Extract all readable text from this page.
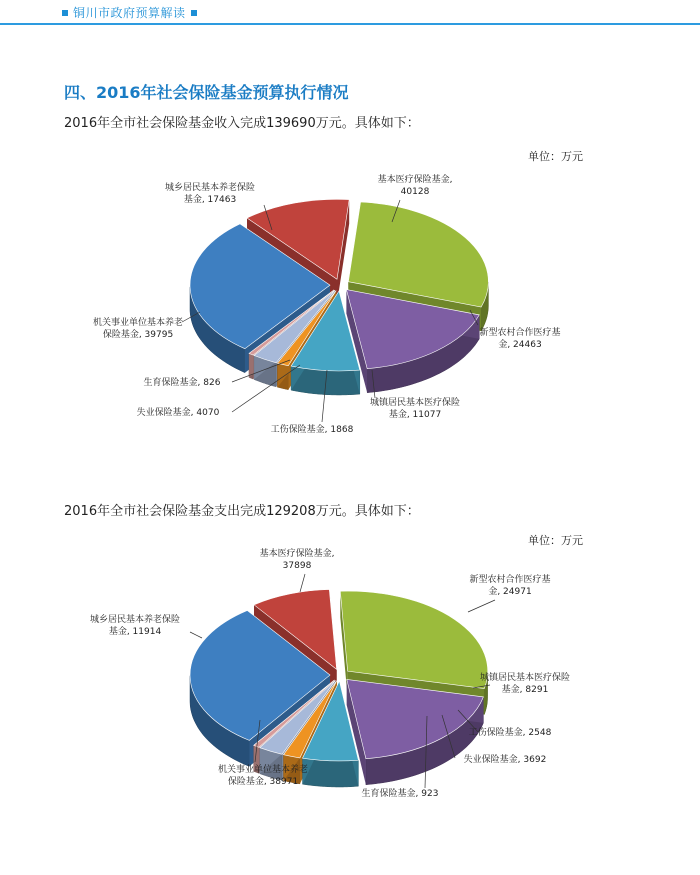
铜川市政府预算解读
四、2016年社会保险基金预算执行情况
2016年全市社会保险基金收入完成139690万元。具体如下：
单位：万元
基本医疗保险基金, 40128
新型农村合作医疗基金, 24463
城镇居民基本医疗保险基金, 11077
工伤保险基金, 1868
失业保险基金, 4070
生育保险基金, 826
机关事业单位基本养老保险基金, 39795
城乡居民基本养老保险基金, 17463
2016年全市社会保险基金支出完成129208万元。具体如下：
单位：万元
基本医疗保险基金, 37898
新型农村合作医疗基金, 24971
城镇居民基本医疗保险基金, 8291
工伤保险基金, 2548
失业保险基金, 3692
生育保险基金, 923
机关事业单位基本养老保险基金, 38971
城乡居民基本养老保险基金, 11914
